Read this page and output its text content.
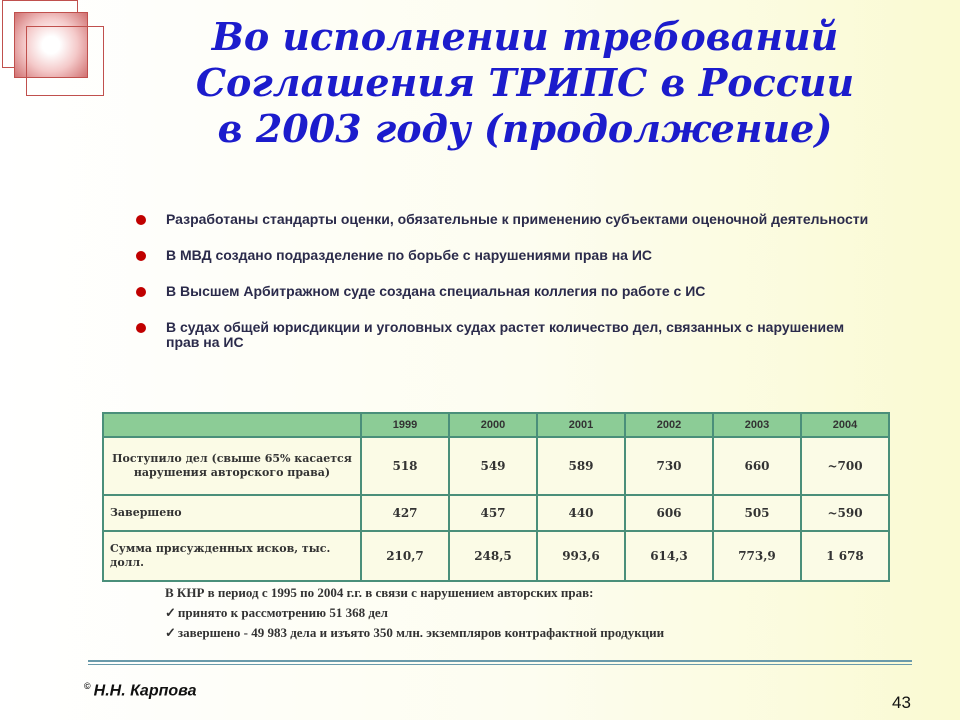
Во исполнении требований
Соглашения ТРИПС в России
в 2003 году (продолжение)
Разработаны стандарты оценки, обязательные к применению субъектами оценочной деятельности
В МВД создано подразделение по борьбе с нарушениями прав на ИС
В Высшем Арбитражном суде создана специальная коллегия по работе с ИС
В судах общей юрисдикции и уголовных судах растет количество дел, связанных с нарушением прав на ИС
	1999	2000	2001	2002	2003	2004
Поступило дел (свыше 65% касается нарушения авторского права)	518	549	589	730	660	~700
Завершено	427	457	440	606	505	~590
Сумма присужденных исков, тыс. долл.	210,7	248,5	993,6	614,3	773,9	1 678
В КНР в период с 1995 по 2004 г.г. в связи с нарушением авторских прав:
✓ принято к рассмотрению 51 368 дел
✓ завершено - 49 983 дела и изъято 350 млн. экземпляров контрафактной продукции
© Н.Н. Карпова
43
